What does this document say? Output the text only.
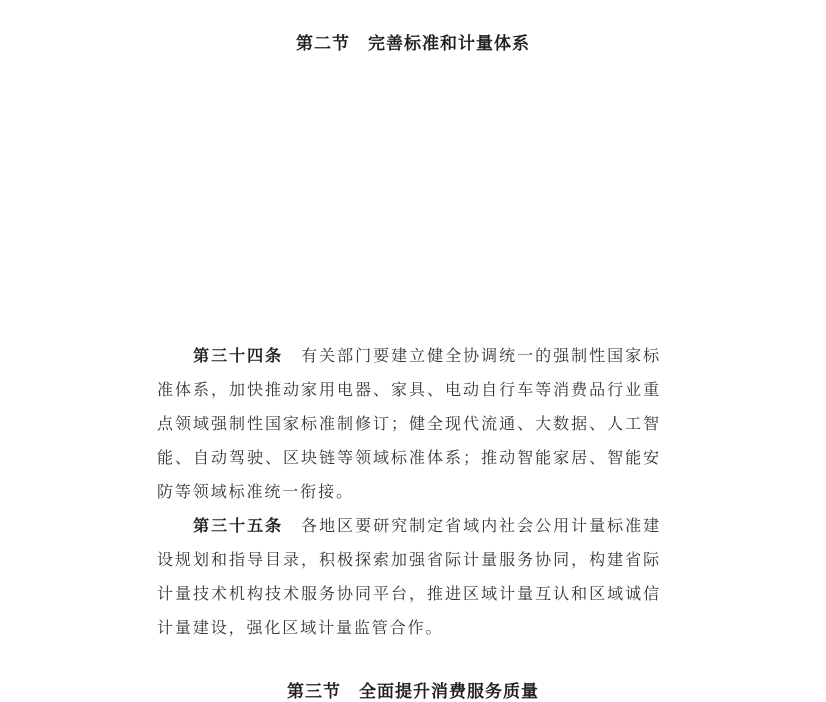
第二节　完善标准和计量体系
第三十四条 有关部门要建立健全协调统一的强制性国家标准体系，加快推动家用电器、家具、电动自行车等消费品行业重点领域强制性国家标准制修订；健全现代流通、大数据、人工智能、自动驾驶、区块链等领域标准体系；推动智能家居、智能安防等领域标准统一衔接。
第三十五条 各地区要研究制定省域内社会公用计量标准建设规划和指导目录，积极探索加强省际计量服务协同，构建省际计量技术机构技术服务协同平台，推进区域计量互认和区域诚信计量建设，强化区域计量监管合作。
第三节　全面提升消费服务质量
